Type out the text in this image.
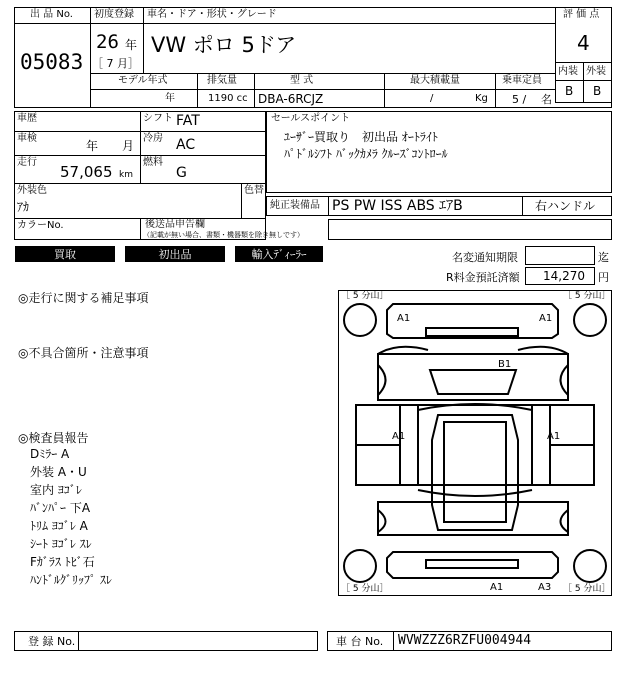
出 品 No.
05083
初度登録 車名・ドア・形状・グレード
26 年
［ 7 月］
VW ポロ 5ドア
評 価 点
4
内装 外装
B B
モデル年式	排気量	型 式	最大積載量	乗車定員
年	1190 cc DBA-6RCJZ	/	Kg 5 / 名
車歴	シフト FAT
車検
年 月
冷房 AC
走行
57,065 km
燃料
G
外装色
ｱｶ
色替
カラーNo.	後送品申告欄
（記載が無い場合、書類・機器類を除き無しです）
セールスポイント
ﾕｰｻﾞｰ買取り　初出品 ｵｰﾄﾗｲﾄ
ﾊﾟﾄﾞﾙｼﾌﾄ ﾊﾞｯｸｶﾒﾗ ｸﾙｰｽﾞｺﾝﾄﾛｰﾙ
純正装備品 PS PW ISS ABS ｴｱB	右ハンドル
買取	初出品	輸入ﾃﾞｨｰﾗｰ	名変通知期限	迄
R料金預託済額 14,270 円
◎走行に関する補足事項
◎不具合箇所・注意事項
◎検査員報告
Dﾐﾗｰ A
外装 A・U
室内 ﾖｺﾞﾚ
ﾊﾞﾝﾊﾟｰ 下A
ﾄﾘﾑ ﾖｺﾞﾚ A
ｼｰﾄ ﾖｺﾞﾚ ｽﾚ
Fｶﾞﾗｽ ﾄﾋﾞ石
ﾊﾝﾄﾞﾙｸﾞﾘｯﾌﾟ ｽﾚ
［ 5 分山］	［ 5 分山］
［ 5 分山］	［ 5 分山］
A1	A1
B1
A1	A1
A1	A3
登 録 No.	車 台 No. WVWZZZ6RZFU004944
